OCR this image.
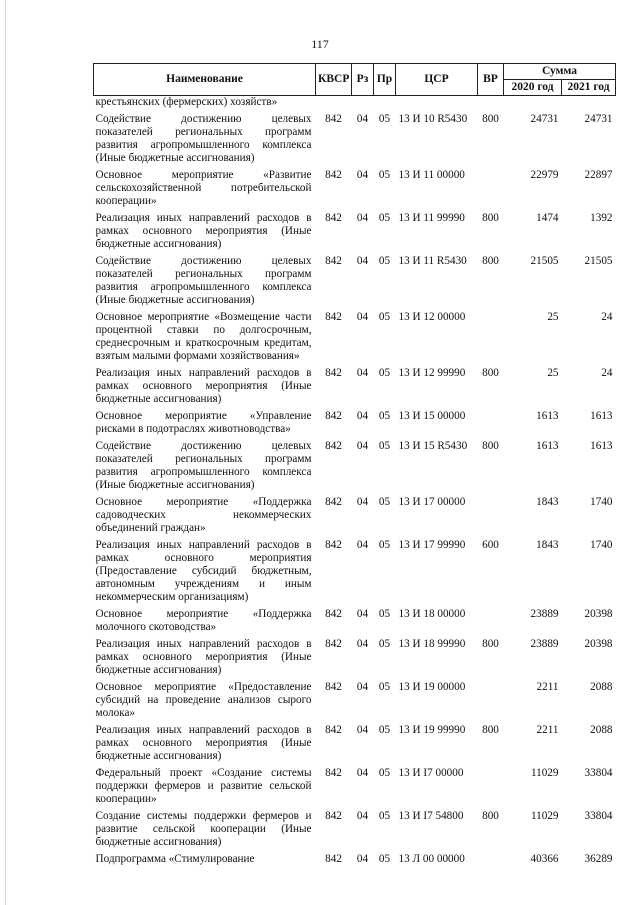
117
Наименование	КВСР	Рз	Пр	ЦСР	ВР	Сумма	
						2020 год	2021 год
крестьянских (фермерских) хозяйств»							
Содействие достижению целевых показателей региональных программ развития агропромышленного комплекса (Иные бюджетные ассигнования)	842	04	05	13 И 10 R5430	800	24731	24731
Основное мероприятие «Развитие сельскохозяйственной потребительской кооперации»	842	04	05	13 И 11 00000		22979	22897
Реализация иных направлений расходов в рамках основного мероприятия (Иные бюджетные ассигнования)	842	04	05	13 И 11 99990	800	1474	1392
Содействие достижению целевых показателей региональных программ развития агропромышленного комплекса (Иные бюджетные ассигнования)	842	04	05	13 И 11 R5430	800	21505	21505
Основное мероприятие «Возмещение части процентной ставки по долгосрочным, среднесрочным и краткосрочным кредитам, взятым малыми формами хозяйствования»	842	04	05	13 И 12 00000		25	24
Реализация иных направлений расходов в рамках основного мероприятия (Иные бюджетные ассигнования)	842	04	05	13 И 12 99990	800	25	24
Основное мероприятие «Управление рисками в подотраслях животноводства»	842	04	05	13 И 15 00000		1613	1613
Содействие достижению целевых показателей региональных программ развития агропромышленного комплекса (Иные бюджетные ассигнования)	842	04	05	13 И 15 R5430	800	1613	1613
Основное мероприятие «Поддержка садоводческих некоммерческих объединений граждан»	842	04	05	13 И 17 00000		1843	1740
Реализация иных направлений расходов в рамках основного мероприятия (Предоставление субсидий бюджетным, автономным учреждениям и иным некоммерческим организациям)	842	04	05	13 И 17 99990	600	1843	1740
Основное мероприятие «Поддержка молочного скотоводства»	842	04	05	13 И 18 00000		23889	20398
Реализация иных направлений расходов в рамках основного мероприятия (Иные бюджетные ассигнования)	842	04	05	13 И 18 99990	800	23889	20398
Основное мероприятие «Предоставление субсидий на проведение анализов сырого молока»	842	04	05	13 И 19 00000		2211	2088
Реализация иных направлений расходов в рамках основного мероприятия (Иные бюджетные ассигнования)	842	04	05	13 И 19 99990	800	2211	2088
Федеральный проект «Создание системы поддержки фермеров и развитие сельской кооперации»	842	04	05	13 И I7 00000		11029	33804
Создание системы поддержки фермеров и развитие сельской кооперации (Иные бюджетные ассигнования)	842	04	05	13 И I7 54800	800	11029	33804
Подпрограмма «Стимулирование	842	04	05	13 Л 00 00000		40366	36289
